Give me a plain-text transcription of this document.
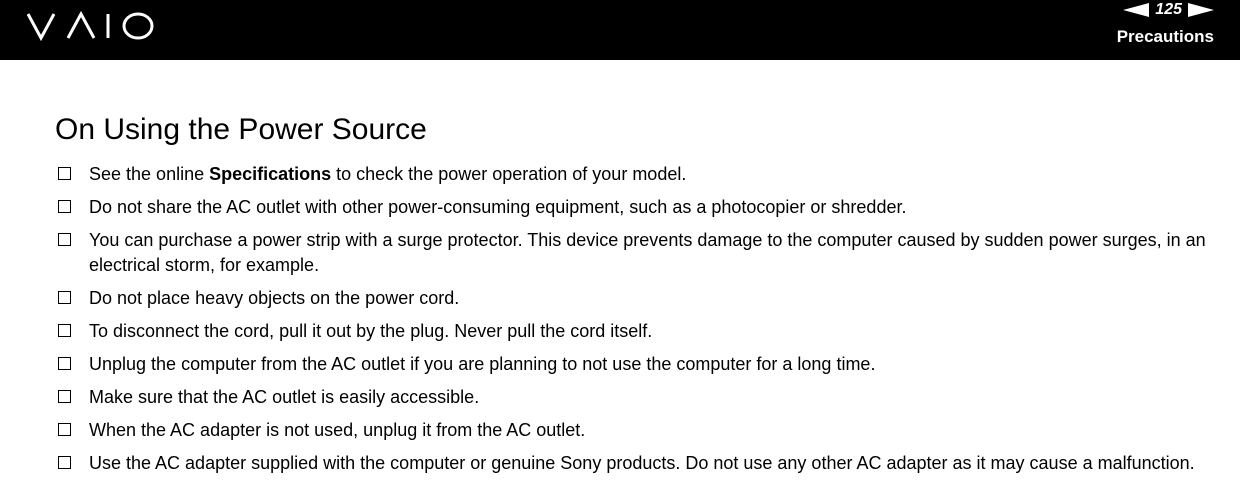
125
Precautions
On Using the Power Source
See the online Specifications to check the power operation of your model.
Do not share the AC outlet with other power-consuming equipment, such as a photocopier or shredder.
You can purchase a power strip with a surge protector. This device prevents damage to the computer caused by sudden power surges, in an electrical storm, for example.
Do not place heavy objects on the power cord.
To disconnect the cord, pull it out by the plug. Never pull the cord itself.
Unplug the computer from the AC outlet if you are planning to not use the computer for a long time.
Make sure that the AC outlet is easily accessible.
When the AC adapter is not used, unplug it from the AC outlet.
Use the AC adapter supplied with the computer or genuine Sony products. Do not use any other AC adapter as it may cause a malfunction.
